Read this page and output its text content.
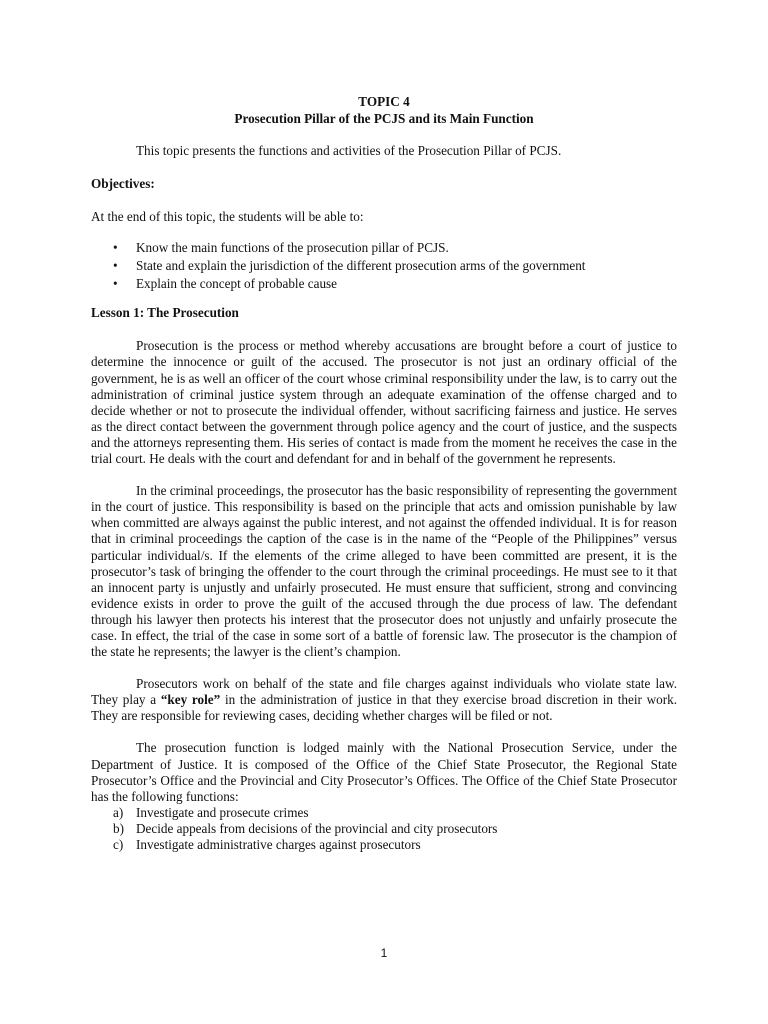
TOPIC 4

Prosecution Pillar of the PCJS and its Main Function

This topic presents the functions and activities of the Prosecution Pillar of PCJS.

Objectives:

At the end of this topic, the students will be able to:

• Know the main functions of the prosecution pillar of PCJS.
• State and explain the jurisdiction of the different prosecution arms of the government
• Explain the concept of probable cause

Lesson 1: The Prosecution

Prosecution is the process or method whereby accusations are brought before a court of justice to determine the innocence or guilt of the accused. The prosecutor is not just an ordinary official of the government, he is as well an officer of the court whose criminal responsibility under the law, is to carry out the administration of criminal justice system through an adequate examination of the offense charged and to decide whether or not to prosecute the individual offender, without sacrificing fairness and justice. He serves as the direct contact between the government through police agency and the court of justice, and the suspects and the attorneys representing them. His series of contact is made from the moment he receives the case in the trial court. He deals with the court and defendant for and in behalf of the government he represents.

In the criminal proceedings, the prosecutor has the basic responsibility of representing the government in the court of justice. This responsibility is based on the principle that acts and omission punishable by law when committed are always against the public interest, and not against the offended individual. It is for reason that in criminal proceedings the caption of the case is in the name of the “People of the Philippines” versus particular individual/s. If the elements of the crime alleged to have been committed are present, it is the prosecutor’s task of bringing the offender to the court through the criminal proceedings. He must see to it that an innocent party is unjustly and unfairly prosecuted. He must ensure that sufficient, strong and convincing evidence exists in order to prove the guilt of the accused through the due process of law. The defendant through his lawyer then protects his interest that the prosecutor does not unjustly and unfairly prosecute the case. In effect, the trial of the case in some sort of a battle of forensic law. The prosecutor is the champion of the state he represents; the lawyer is the client’s champion.

Prosecutors work on behalf of the state and file charges against individuals who violate state law. They play a “key role” in the administration of justice in that they exercise broad discretion in their work. They are responsible for reviewing cases, deciding whether charges will be filed or not.

The prosecution function is lodged mainly with the National Prosecution Service, under the Department of Justice. It is composed of the Office of the Chief State Prosecutor, the Regional State Prosecutor’s Office and the Provincial and City Prosecutor’s Offices. The Office of the Chief State Prosecutor has the following functions:

a) Investigate and prosecute crimes
b) Decide appeals from decisions of the provincial and city prosecutors
c) Investigate administrative charges against prosecutors
1
